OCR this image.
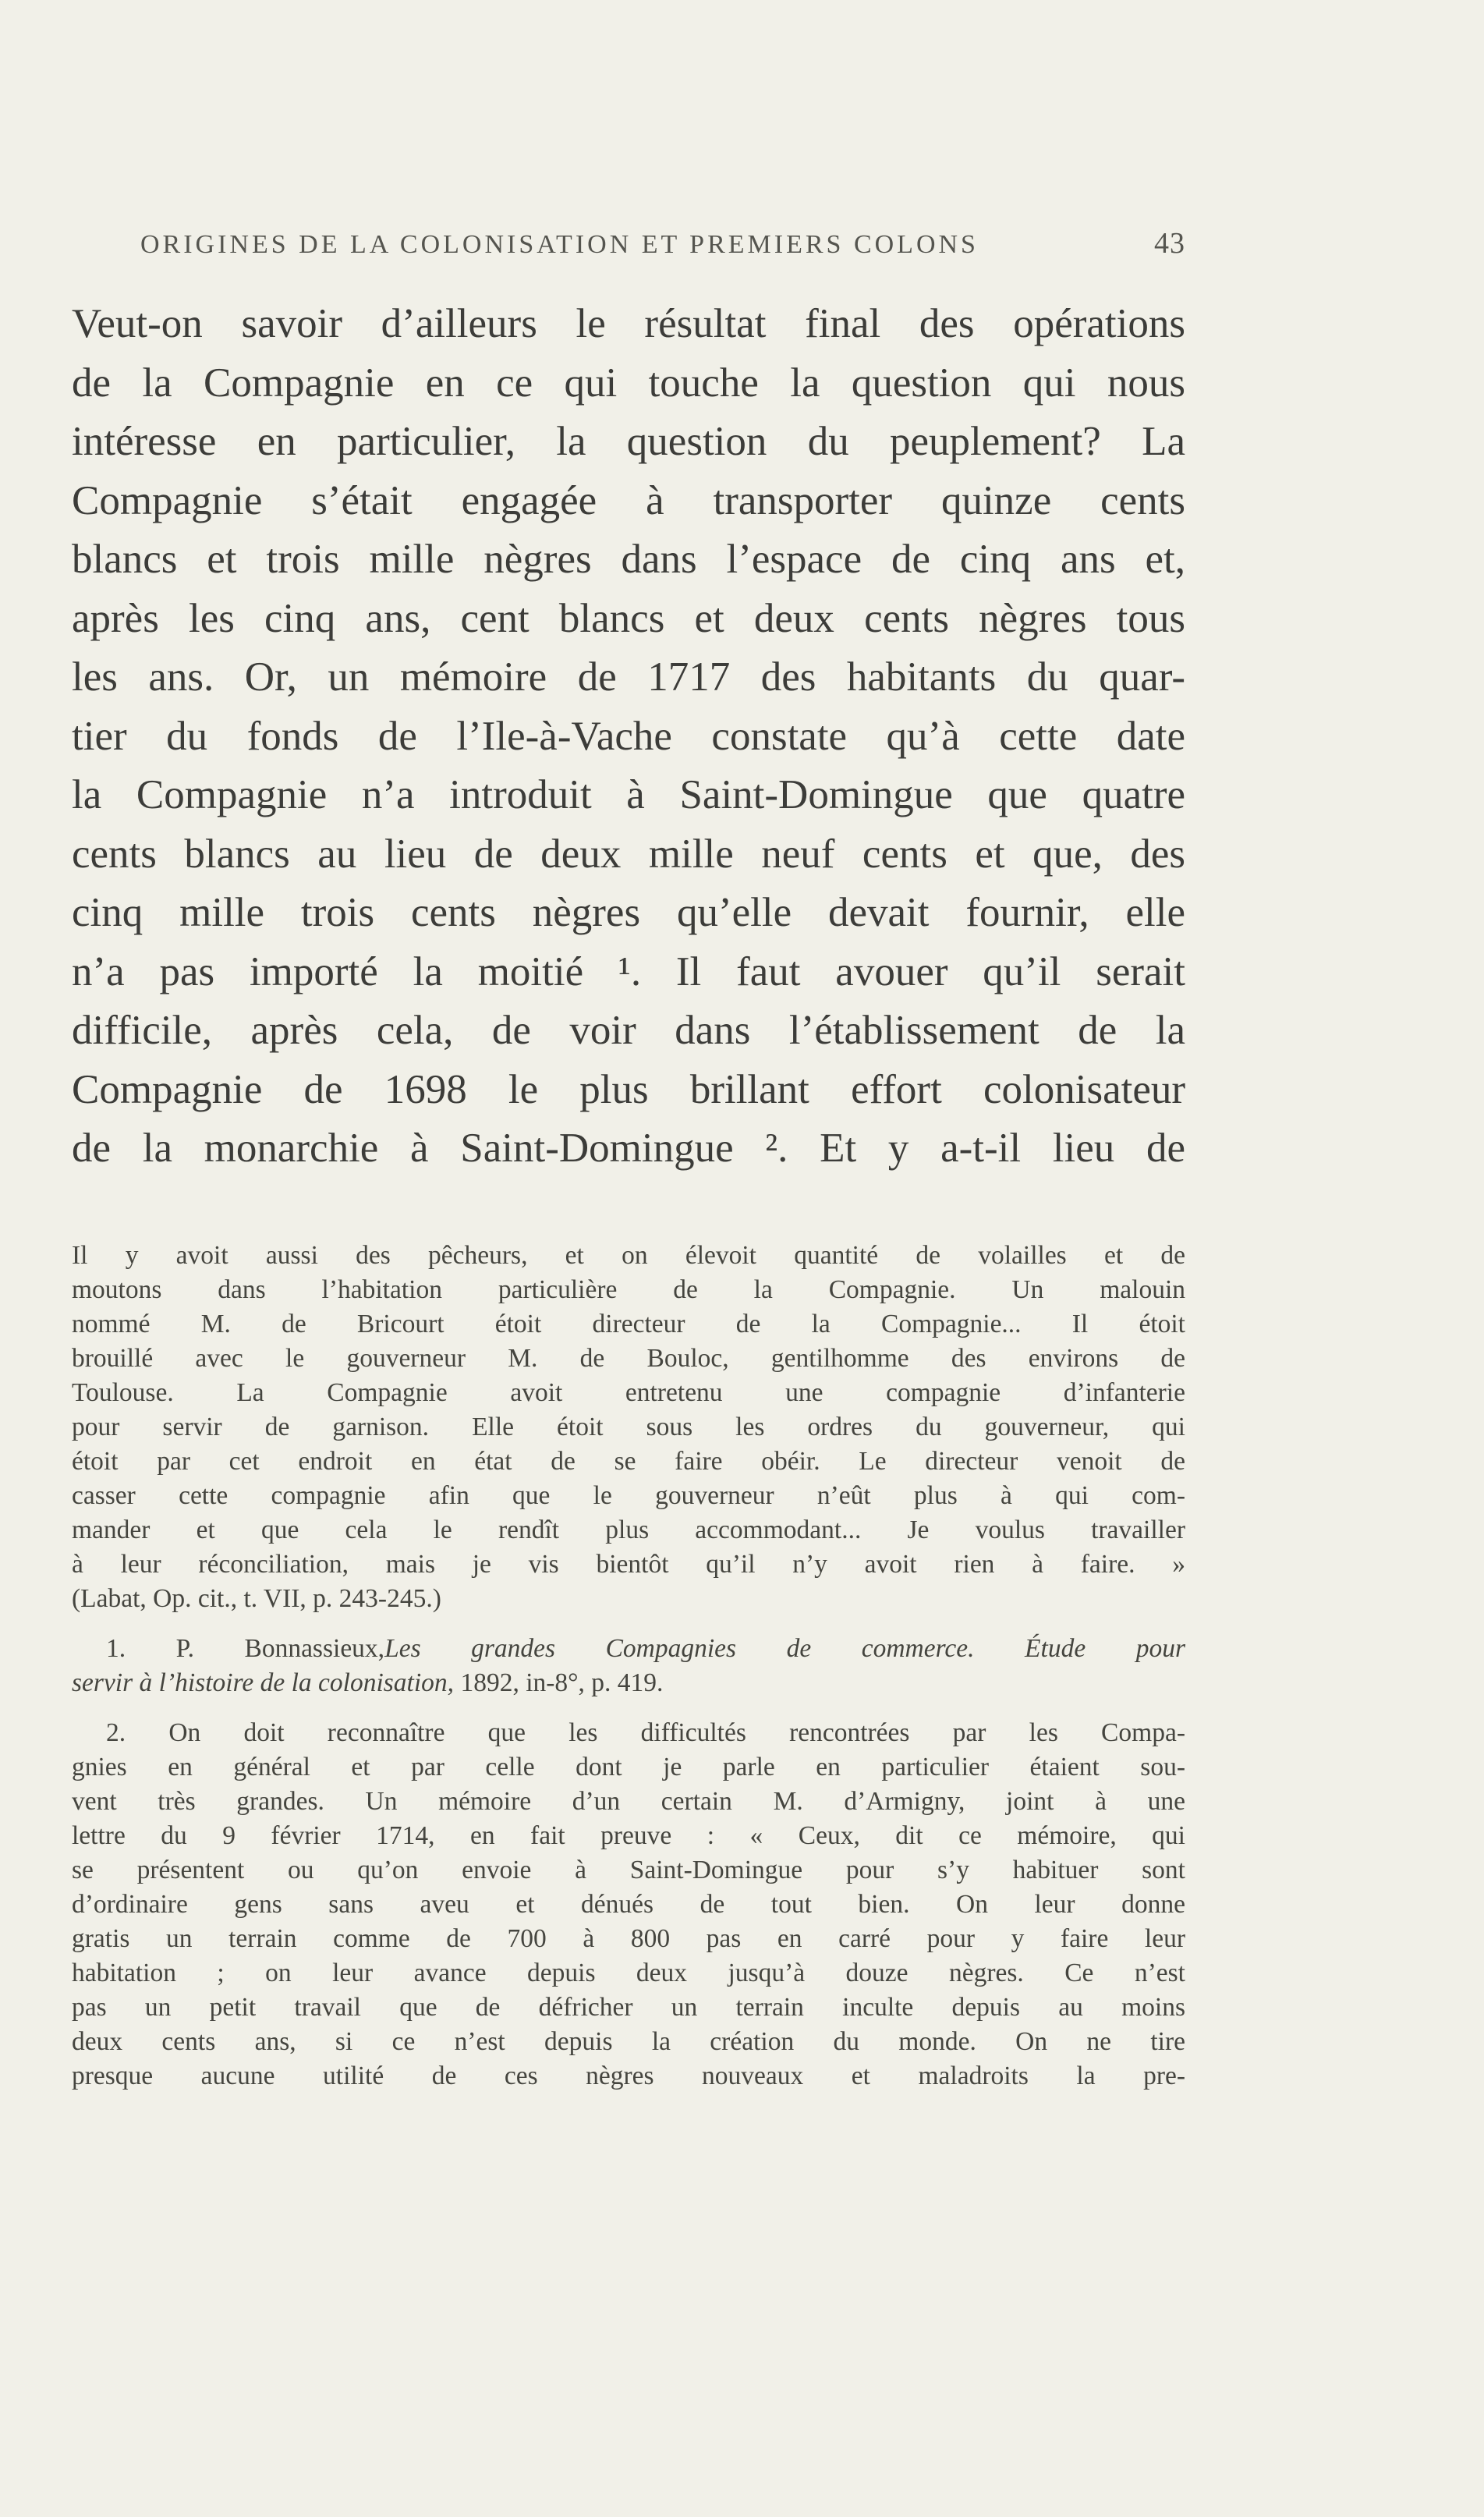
ORIGINES DE LA COLONISATION ET PREMIERS COLONS	43
Veut-on savoir d’ailleurs le résultat final des opérations
de la Compagnie en ce qui touche la question qui nous
intéresse en particulier, la question du peuplement? La
Compagnie s’était engagée à transporter quinze cents
blancs et trois mille nègres dans l’espace de cinq ans et,
après les cinq ans, cent blancs et deux cents nègres tous
les ans. Or, un mémoire de 1717 des habitants du quar-
tier du fonds de l’Ile-à-Vache constate qu’à cette date
la Compagnie n’a introduit à Saint-Domingue que quatre
cents blancs au lieu de deux mille neuf cents et que, des
cinq mille trois cents nègres qu’elle devait fournir, elle
n’a pas importé la moitié ¹. Il faut avouer qu’il serait
difficile, après cela, de voir dans l’établissement de la
Compagnie de 1698 le plus brillant effort colonisateur
de la monarchie à Saint-Domingue ². Et y a-t-il lieu de
Il y avoit aussi des pêcheurs, et on élevoit quantité de volailles et de
moutons dans l’habitation particulière de la Compagnie. Un malouin
nommé M. de Bricourt étoit directeur de la Compagnie... Il étoit
brouillé avec le gouverneur M. de Bouloc, gentilhomme des environs de
Toulouse. La Compagnie avoit entretenu une compagnie d’infanterie
pour servir de garnison. Elle étoit sous les ordres du gouverneur, qui
étoit par cet endroit en état de se faire obéir. Le directeur venoit de
casser cette compagnie afin que le gouverneur n’eût plus à qui com-
mander et que cela le rendît plus accommodant... Je voulus travailler
à leur réconciliation, mais je vis bientôt qu’il n’y avoit rien à faire. »
(Labat, Op. cit., t. VII, p. 243-245.)
1. P. Bonnassieux,Les grandes Compagnies de commerce. Étude pour
servir à l’histoire de la colonisation, 1892, in-8°, p. 419.
2. On doit reconnaître que les difficultés rencontrées par les Compa-
gnies en général et par celle dont je parle en particulier étaient sou-
vent très grandes. Un mémoire d’un certain M. d’Armigny, joint à une
lettre du 9 février 1714, en fait preuve : « Ceux, dit ce mémoire, qui
se présentent ou qu’on envoie à Saint-Domingue pour s’y habituer sont
d’ordinaire gens sans aveu et dénués de tout bien. On leur donne
gratis un terrain comme de 700 à 800 pas en carré pour y faire leur
habitation ; on leur avance depuis deux jusqu’à douze nègres. Ce n’est
pas un petit travail que de défricher un terrain inculte depuis au moins
deux cents ans, si ce n’est depuis la création du monde. On ne tire
presque aucune utilité de ces nègres nouveaux et maladroits la pre-
